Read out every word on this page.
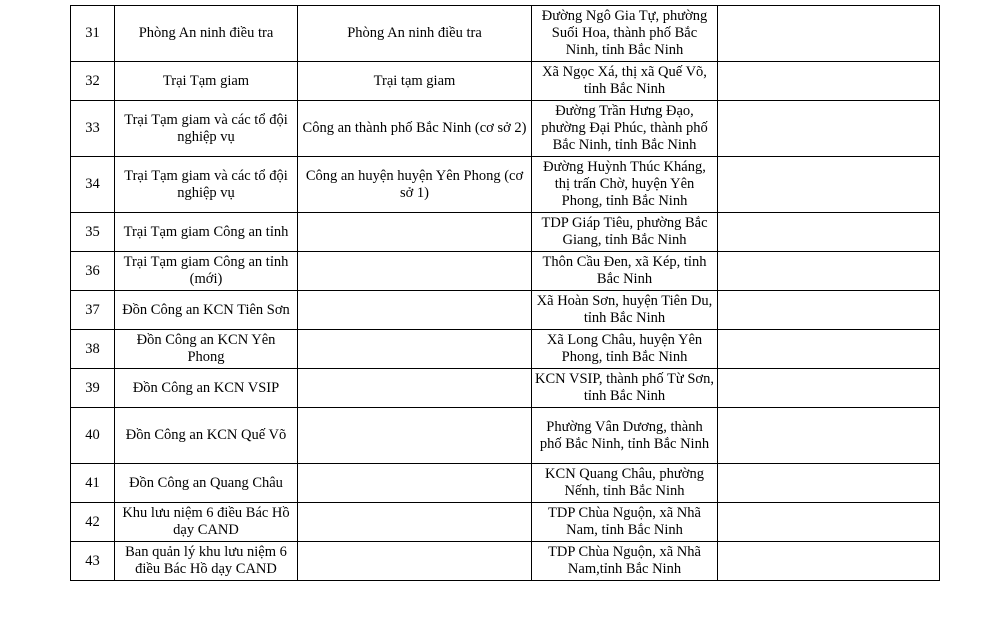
31	Phòng An ninh điều tra	Phòng An ninh điều tra	Đường Ngô Gia Tự, phường Suối Hoa, thành phố Bắc Ninh, tỉnh Bắc Ninh	
32	Trại Tạm giam	Trại tạm giam	Xã Ngọc Xá, thị xã Quế Võ, tỉnh Bắc Ninh	
33	Trại Tạm giam và các tổ đội nghiệp vụ	Công an thành phố Bắc Ninh (cơ sở 2)	Đường Trần Hưng Đạo, phường Đại Phúc, thành phố Bắc Ninh, tỉnh Bắc Ninh	
34	Trại Tạm giam và các tổ đội nghiệp vụ	Công an huyện huyện Yên Phong (cơ sở 1)	Đường Huỳnh Thúc Kháng, thị trấn Chờ, huyện Yên Phong, tỉnh Bắc Ninh	
35	Trại Tạm giam Công an tỉnh		TDP Giáp Tiêu, phường Bắc Giang, tỉnh Bắc Ninh	
36	Trại Tạm giam Công an tỉnh (mới)		Thôn Cầu Đen, xã Kép, tỉnh Bắc Ninh	
37	Đồn Công an KCN Tiên Sơn		Xã Hoàn Sơn, huyện Tiên Du, tỉnh Bắc Ninh	
38	Đồn Công an KCN Yên Phong		Xã Long Châu, huyện Yên Phong, tỉnh Bắc Ninh	
39	Đồn Công an KCN VSIP		KCN VSIP, thành phố Từ Sơn, tỉnh Bắc Ninh	
40	Đồn Công an KCN Quế Võ		Phường Vân Dương, thành phố Bắc Ninh, tỉnh Bắc Ninh	
41	Đồn Công an Quang Châu		KCN Quang Châu, phường Nếnh, tỉnh Bắc Ninh	
42	Khu lưu niệm 6 điều Bác Hồ dạy CAND		TDP Chùa Nguộn, xã Nhã Nam, tỉnh Bắc Ninh	
43	Ban quản lý khu lưu niệm 6 điều Bác Hồ dạy CAND		TDP Chùa Nguộn, xã Nhã Nam,tỉnh Bắc Ninh	
